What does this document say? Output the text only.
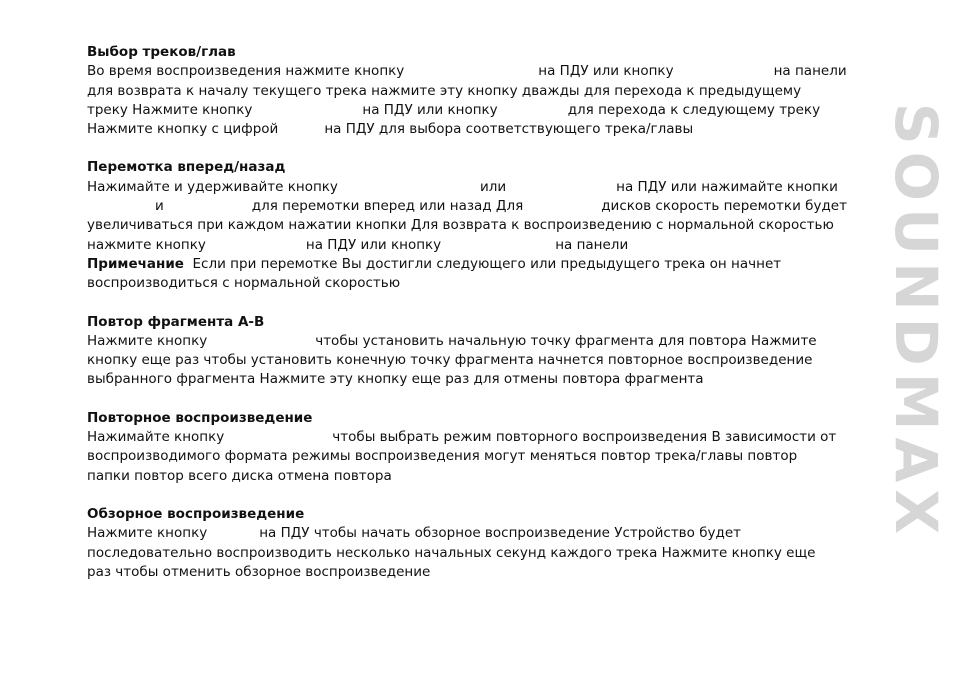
Выбор треков/глав

Во время воспроизведения нажмите кнопку	на ПДУ или кнопку	на панели
для возврата к началу текущего трека нажмите эту кнопку дважды для перехода к предыдущему
треку Нажмите кнопку	на ПДУ или кнопку	для перехода к следующему треку
Нажмите кнопку с цифрой	на ПДУ для выбора соответствующего трека/главы

Перемотка вперед/назад

Нажимайте и удерживайте кнопку	или	на ПДУ или нажимайте кнопки
и	для перемотки вперед или назад Для	дисков скорость перемотки будет
увеличиваться при каждом нажатии кнопки Для возврата к воспроизведению с нормальной скоростью
нажмите кнопку	на ПДУ или кнопку	на панели
Примечание Если при перемотке Вы достигли следующего или предыдущего трека он начнет
воспроизводиться с нормальной скоростью

Повтор фрагмента A-B

Нажмите кнопку	чтобы установить начальную точку фрагмента для повтора Нажмите
кнопку еще раз чтобы установить конечную точку фрагмента начнется повторное воспроизведение
выбранного фрагмента Нажмите эту кнопку еще раз для отмены повтора фрагмента

Повторное воспроизведение

Нажимайте кнопку	чтобы выбрать режим повторного воспроизведения В зависимости от
воспроизводимого формата режимы воспроизведения могут меняться повтор трека/главы повтор
папки повтор всего диска отмена повтора

Обзорное воспроизведение

Нажмите кнопку	на ПДУ чтобы начать обзорное воспроизведение Устройство будет
последовательно воспроизводить несколько начальных секунд каждого трека Нажмите кнопку еще
раз чтобы отменить обзорное воспроизведение

SOUNDMAX
